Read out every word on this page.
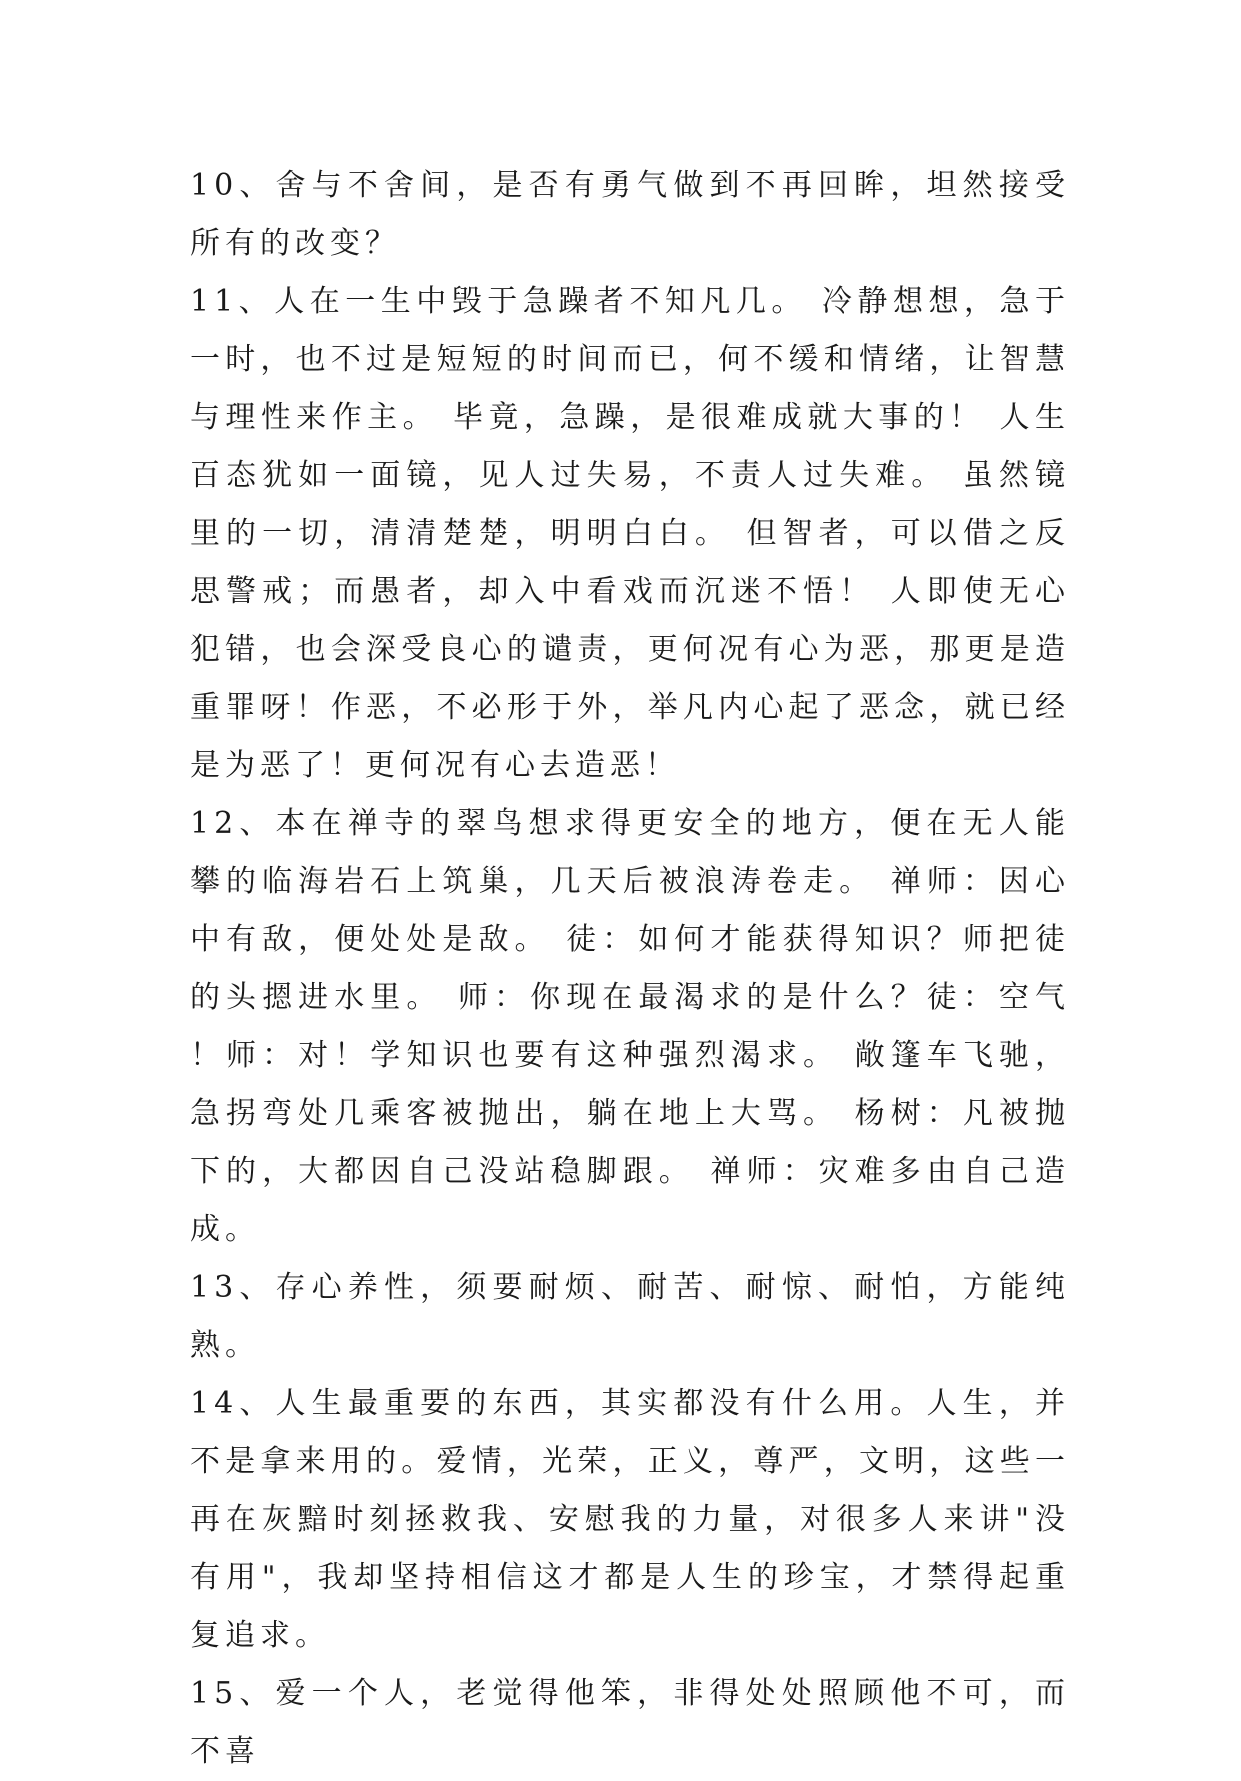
10、舍与不舍间，是否有勇气做到不再回眸，坦然接受所有的改变？

11、人在一生中毁于急躁者不知凡几。 冷静想想，急于一时，也不过是短短的时间而已，何不缓和情绪，让智慧与理性来作主。 毕竟，急躁，是很难成就大事的！ 人生百态犹如一面镜，见人过失易，不责人过失难。 虽然镜里的一切，清清楚楚，明明白白。 但智者，可以借之反思警戒；而愚者，却入中看戏而沉迷不悟！ 人即使无心犯错，也会深受良心的谴责，更何况有心为恶，那更是造重罪呀！作恶，不必形于外，举凡内心起了恶念，就已经是为恶了！更何况有心去造恶！

12、本在禅寺的翠鸟想求得更安全的地方，便在无人能攀的临海岩石上筑巢，几天后被浪涛卷走。 禅师：因心中有敌，便处处是敌。 徒：如何才能获得知识？师把徒的头摁进水里。 师：你现在最渴求的是什么？徒：空气！师：对！学知识也要有这种强烈渴求。 敞篷车飞驰，急拐弯处几乘客被抛出，躺在地上大骂。 杨树：凡被抛下的，大都因自己没站稳脚跟。 禅师：灾难多由自己造成。

13、存心养性，须要耐烦、耐苦、耐惊、耐怕，方能纯熟。

14、人生最重要的东西，其实都没有什么用。人生，并不是拿来用的。爱情，光荣，正义，尊严，文明，这些一再在灰黯时刻拯救我、安慰我的力量，对很多人来讲"没有用"，我却坚持相信这才都是人生的珍宝，才禁得起重复追求。

15、爱一个人，老觉得他笨，非得处处照顾他不可，而不喜
